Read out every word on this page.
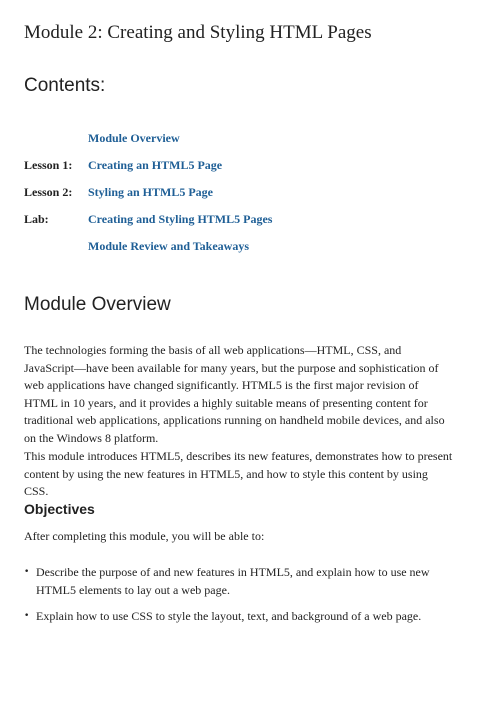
Module 2: Creating and Styling HTML Pages
Contents:
Module Overview
Lesson 1:	Creating an HTML5 Page
Lesson 2:	Styling an HTML5 Page
Lab:	Creating and Styling HTML5 Pages
Module Review and Takeaways
Module Overview

The technologies forming the basis of all web applications—HTML, CSS, and JavaScript—have been available for many years, but the purpose and sophistication of web applications have changed significantly. HTML5 is the first major revision of HTML in 10 years, and it provides a highly suitable means of presenting content for traditional web applications, applications running on handheld mobile devices, and also on the Windows 8 platform.

This module introduces HTML5, describes its new features, demonstrates how to present content by using the new features in HTML5, and how to style this content by using CSS.

Objectives

After completing this module, you will be able to:

• Describe the purpose of and new features in HTML5, and explain how to use new HTML5 elements to lay out a web page.
• Explain how to use CSS to style the layout, text, and background of a web page.
